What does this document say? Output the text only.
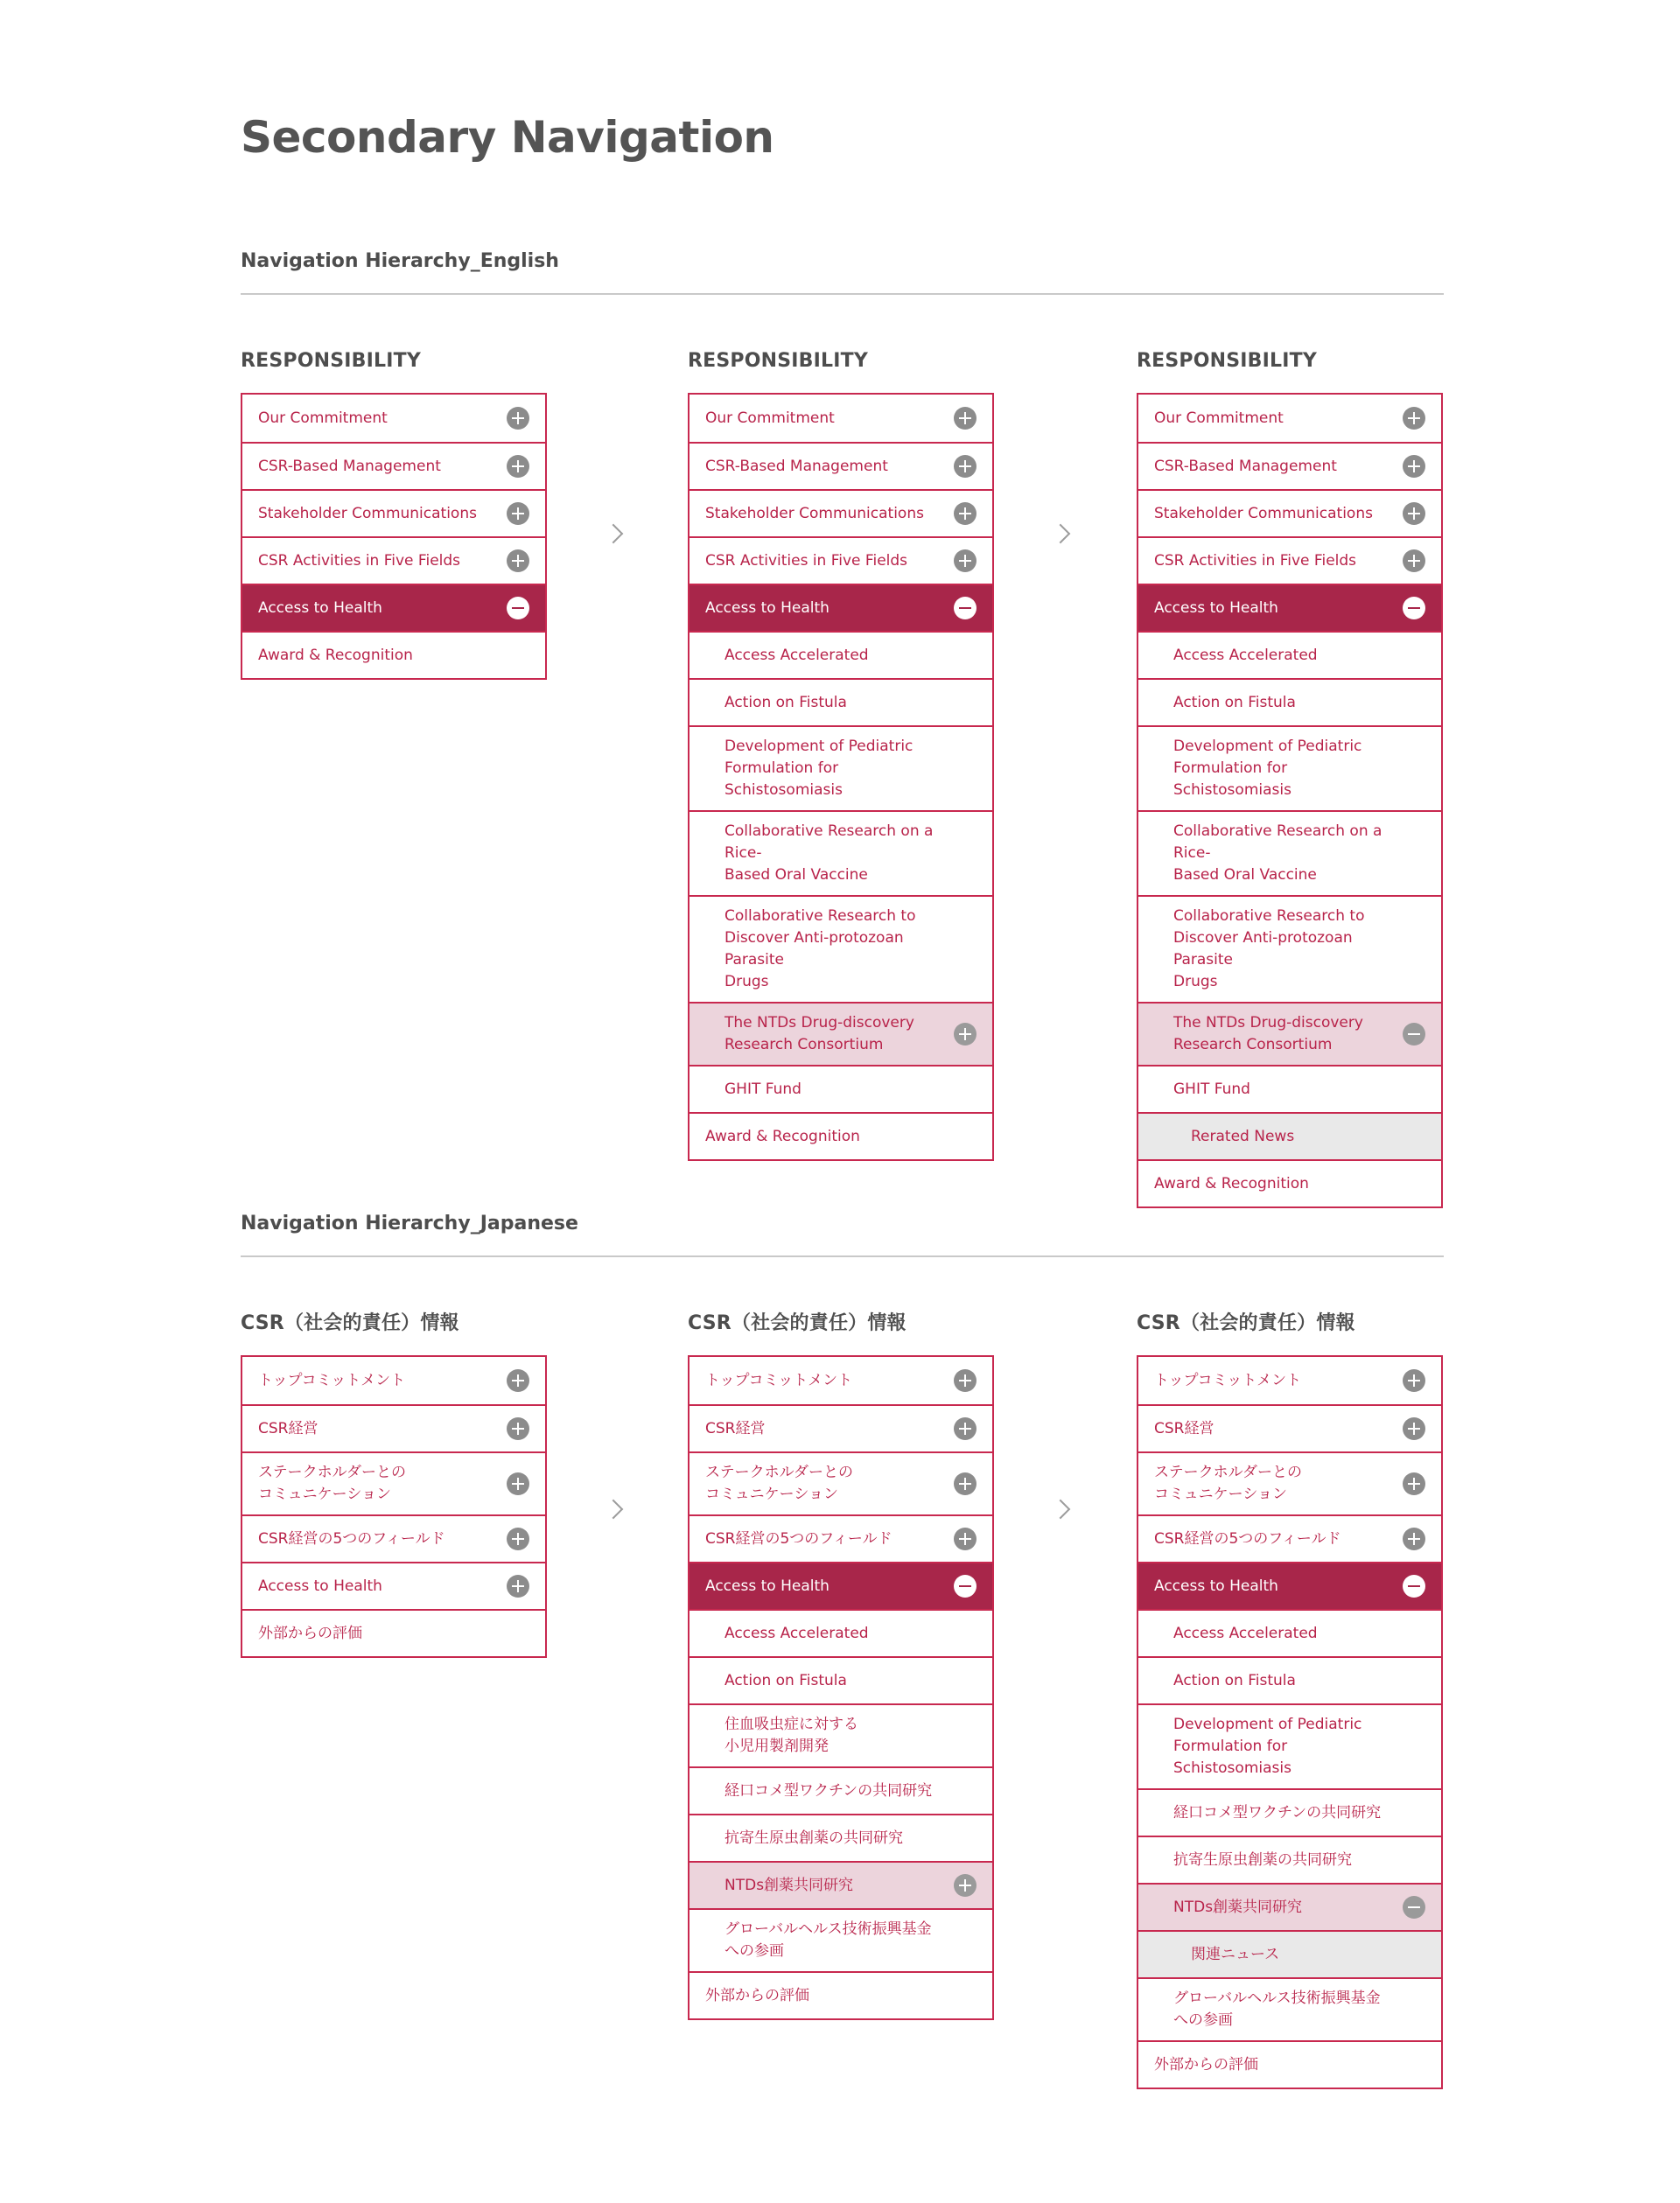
Secondary Navigation
Navigation Hierarchy_English
RESPONSIBILITY
Our Commitment
CSR-Based Management
Stakeholder Communications
CSR Activities in Five Fields
Access to Health
Award & Recognition
RESPONSIBILITY
Our Commitment
CSR-Based Management
Stakeholder Communications
CSR Activities in Five Fields
Access to Health
Access Accelerated
Action on Fistula
Development of Pediatric
Formulation for Schistosomiasis
Collaborative Research on a Rice-
Based Oral Vaccine
Collaborative Research to
Discover Anti-protozoan Parasite
Drugs
The NTDs Drug-discovery
Research Consortium
GHIT Fund
Award & Recognition
RESPONSIBILITY
Our Commitment
CSR-Based Management
Stakeholder Communications
CSR Activities in Five Fields
Access to Health
Access Accelerated
Action on Fistula
Development of Pediatric
Formulation for Schistosomiasis
Collaborative Research on a Rice-
Based Oral Vaccine
Collaborative Research to
Discover Anti-protozoan Parasite
Drugs
The NTDs Drug-discovery
Research Consortium
GHIT Fund
Rerated News
Award & Recognition
Navigation Hierarchy_Japanese
CSR（社会的責任）情報
トップコミットメント
CSR経営
ステークホルダーとの
コミュニケーション
CSR経営の5つのフィールド
Access to Health
外部からの評価
CSR（社会的責任）情報
トップコミットメント
CSR経営
ステークホルダーとの
コミュニケーション
CSR経営の5つのフィールド
Access to Health
Access Accelerated
Action on Fistula
住血吸虫症に対する
小児用製剤開発
経口コメ型ワクチンの共同研究
抗寄生原虫創薬の共同研究
NTDs創薬共同研究
グローバルヘルス技術振興基金
への参画
外部からの評価
CSR（社会的責任）情報
トップコミットメント
CSR経営
ステークホルダーとの
コミュニケーション
CSR経営の5つのフィールド
Access to Health
Access Accelerated
Action on Fistula
Development of Pediatric
Formulation for Schistosomiasis
経口コメ型ワクチンの共同研究
抗寄生原虫創薬の共同研究
NTDs創薬共同研究
関連ニュース
グローバルヘルス技術振興基金
への参画
外部からの評価
